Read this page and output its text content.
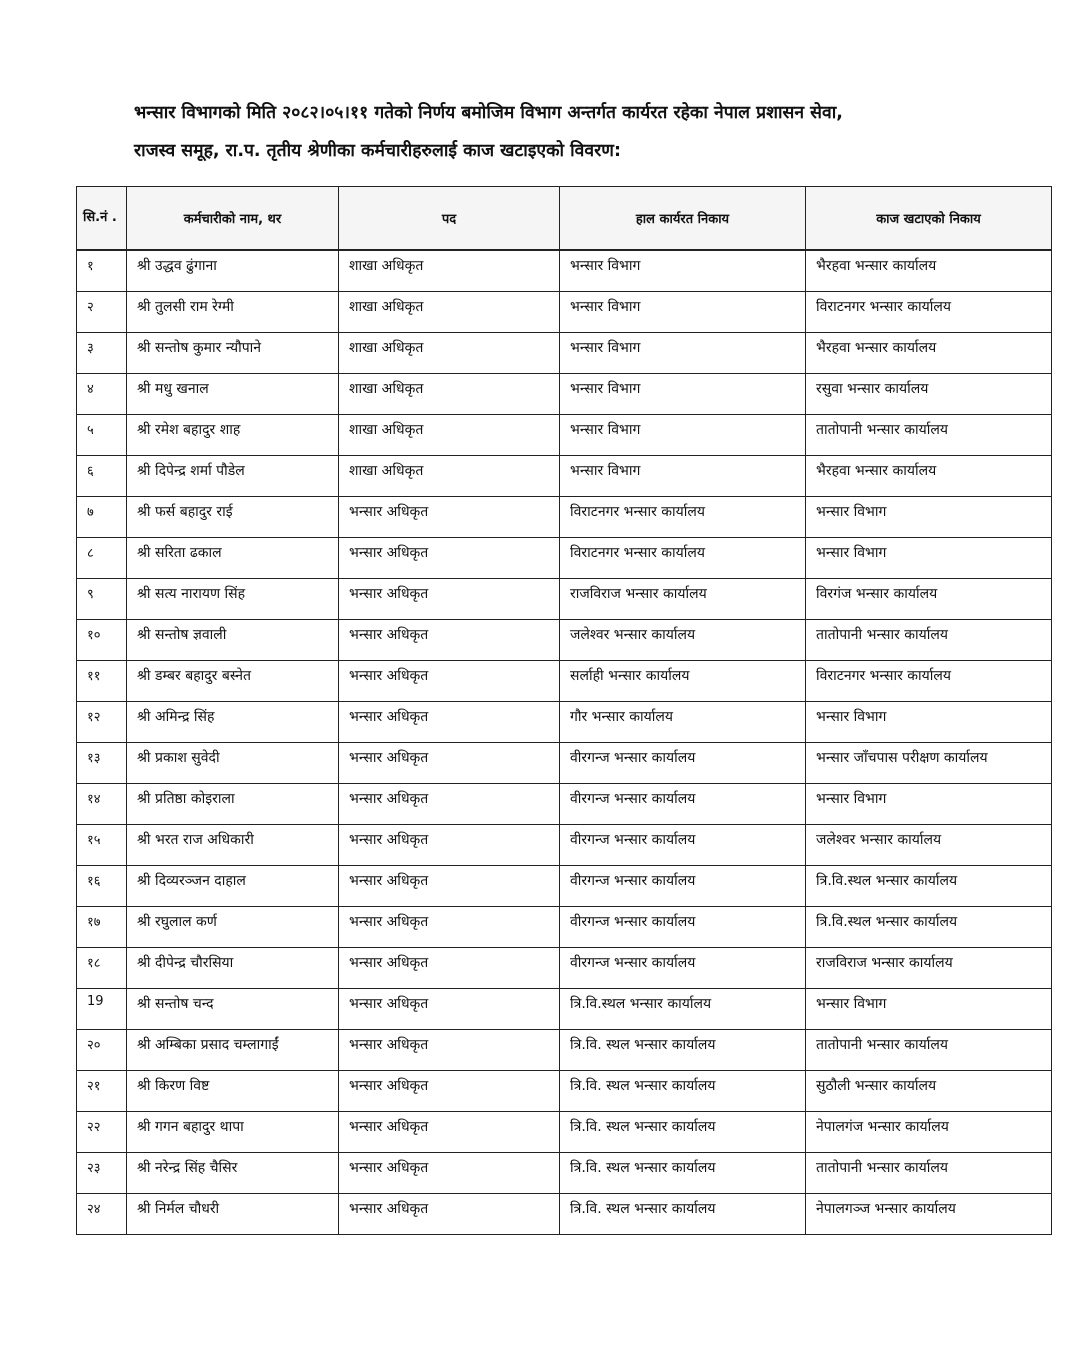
भन्सार विभागको मिति २०८२।०५।११ गतेको निर्णय बमोजिम विभाग अन्तर्गत कार्यरत रहेका नेपाल प्रशासन सेवा,
राजस्व समूह, रा.प. तृतीय श्रेणीका कर्मचारीहरुलाई काज खटाइएको विवरण:
सि.नं .	कर्मचारीको नाम, थर	पद	हाल कार्यरत निकाय	काज खटाएको निकाय
१	श्री उद्धव ढुंगाना	शाखा अधिकृत	भन्सार विभाग	भैरहवा भन्सार कार्यालय
२	श्री तुलसी राम रेग्मी	शाखा अधिकृत	भन्सार विभाग	विराटनगर भन्सार कार्यालय
३	श्री सन्तोष कुमार न्यौपाने	शाखा अधिकृत	भन्सार विभाग	भैरहवा भन्सार कार्यालय
४	श्री मधु खनाल	शाखा अधिकृत	भन्सार विभाग	रसुवा भन्सार कार्यालय
५	श्री रमेश बहादुर शाह	शाखा अधिकृत	भन्सार विभाग	तातोपानी भन्सार कार्यालय
६	श्री दिपेन्द्र शर्मा पौडेल	शाखा अधिकृत	भन्सार विभाग	भैरहवा भन्सार कार्यालय
७	श्री फर्स बहादुर राई	भन्सार अधिकृत	विराटनगर भन्सार कार्यालय	भन्सार विभाग
८	श्री सरिता ढकाल	भन्सार अधिकृत	विराटनगर भन्सार कार्यालय	भन्सार विभाग
९	श्री सत्य नारायण सिंह	भन्सार अधिकृत	राजविराज भन्सार कार्यालय	विरगंज भन्सार कार्यालय
१०	श्री सन्तोष ज्ञवाली	भन्सार अधिकृत	जलेश्वर भन्सार कार्यालय	तातोपानी भन्सार कार्यालय
११	श्री डम्बर बहादुर बस्नेत	भन्सार अधिकृत	सर्लाही भन्सार कार्यालय	विराटनगर भन्सार कार्यालय
१२	श्री अमिन्द्र सिंह	भन्सार अधिकृत	गौर भन्सार कार्यालय	भन्सार विभाग
१३	श्री प्रकाश सुवेदी	भन्सार अधिकृत	वीरगन्ज भन्सार कार्यालय	भन्सार जाँचपास परीक्षण कार्यालय
१४	श्री प्रतिष्ठा कोइराला	भन्सार अधिकृत	वीरगन्ज भन्सार कार्यालय	भन्सार विभाग
१५	श्री भरत राज अधिकारी	भन्सार अधिकृत	वीरगन्ज भन्सार कार्यालय	जलेश्वर भन्सार कार्यालय
१६	श्री दिव्यरञ्जन दाहाल	भन्सार अधिकृत	वीरगन्ज भन्सार कार्यालय	त्रि.वि.स्थल भन्सार कार्यालय
१७	श्री रघुलाल कर्ण	भन्सार अधिकृत	वीरगन्ज भन्सार कार्यालय	त्रि.वि.स्थल भन्सार कार्यालय
१८	श्री दीपेन्द्र चौरसिया	भन्सार अधिकृत	वीरगन्ज भन्सार कार्यालय	राजविराज भन्सार कार्यालय
19	श्री सन्तोष चन्द	भन्सार अधिकृत	त्रि.वि.स्थल भन्सार कार्यालय	भन्सार विभाग
२०	श्री अम्बिका प्रसाद चम्लागाईं	भन्सार अधिकृत	त्रि.वि. स्थल भन्सार कार्यालय	तातोपानी भन्सार कार्यालय
२१	श्री किरण विष्ट	भन्सार अधिकृत	त्रि.वि. स्थल भन्सार कार्यालय	सुठौली भन्सार कार्यालय
२२	श्री गगन बहादुर थापा	भन्सार अधिकृत	त्रि.वि. स्थल भन्सार कार्यालय	नेपालगंज भन्सार कार्यालय
२३	श्री नरेन्द्र सिंह चैसिर	भन्सार अधिकृत	त्रि.वि. स्थल भन्सार कार्यालय	तातोपानी भन्सार कार्यालय
२४	श्री निर्मल चौधरी	भन्सार अधिकृत	त्रि.वि. स्थल भन्सार कार्यालय	नेपालगञ्ज भन्सार कार्यालय
